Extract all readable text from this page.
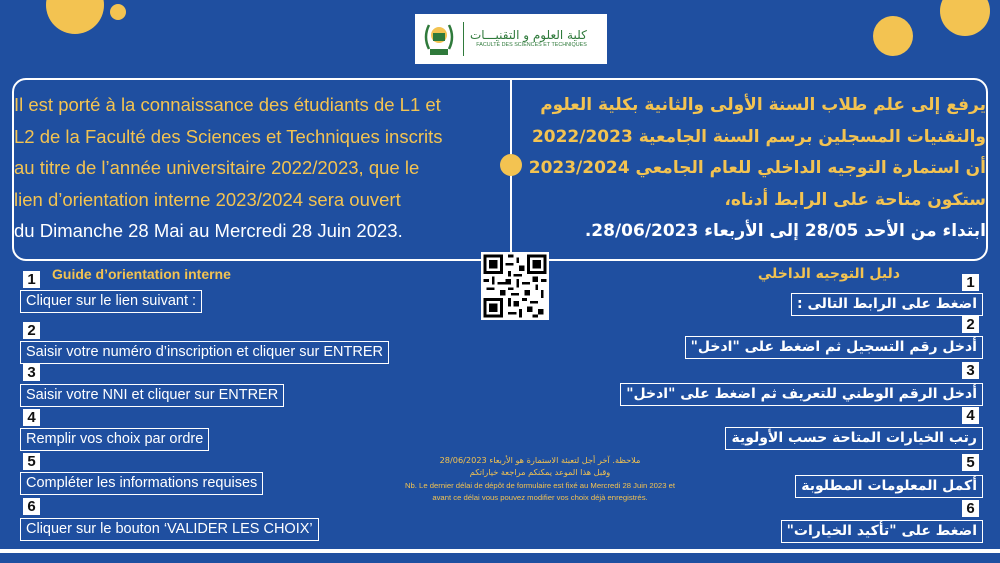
كلية العلوم و التقنيـــات
FACULTÉ DES SCIENCES ET TECHNIQUES
Il est porté à la connaissance des étudiants de L1 et
L2 de la Faculté des Sciences et Techniques inscrits
au titre de l’année universitaire 2022/2023, que le
lien d’orientation interne 2023/2024 sera ouvert
du Dimanche 28 Mai au Mercredi 28 Juin 2023.
يرفع إلى علم طلاب السنة الأولى والثانية بكلية العلوم
والتقنيات المسجلين برسم السنة الجامعية 2022/2023
أن استمارة التوجيه الداخلي للعام الجامعي 2023/2024
ستكون متاحة على الرابط أدناه،
ابتداء من الأحد 28/05 إلى الأربعاء 28/06/2023.
Guide d’orientation interne
1
Cliquer sur le lien suivant :
2
Saisir votre numéro d’inscription et cliquer sur ENTRER
3
Saisir votre NNI et cliquer sur ENTRER
4
Remplir vos choix par ordre
5
Compléter les informations requises
6
Cliquer sur le bouton ‘VALIDER LES CHOIX’
دليل التوجيه الداخلي	1
اضغط على الرابط التالى :
2
أدخل رقم التسجيل ثم اضغط على "ادخل"
3
أدخل الرقم الوطني للتعريف ثم اضغط على "ادخل"
4
رتب الخيارات المتاحة حسب الأولوية
5
أكمل المعلومات المطلوبة
6
اضغط على "تأكيد الخيارات"
ملاحظة. آخر أجل لتعبئة الاستمارة هو الأربعاء 28/06/2023
وقبل هذا الموعد يمكنكم مراجعة خياراتكم
Nb. Le dernier délai de dépôt de formulaire est fixé au Mercredi 28 Juin 2023 et
avant ce délai vous pouvez modifier vos choix déjà enregistrés.
